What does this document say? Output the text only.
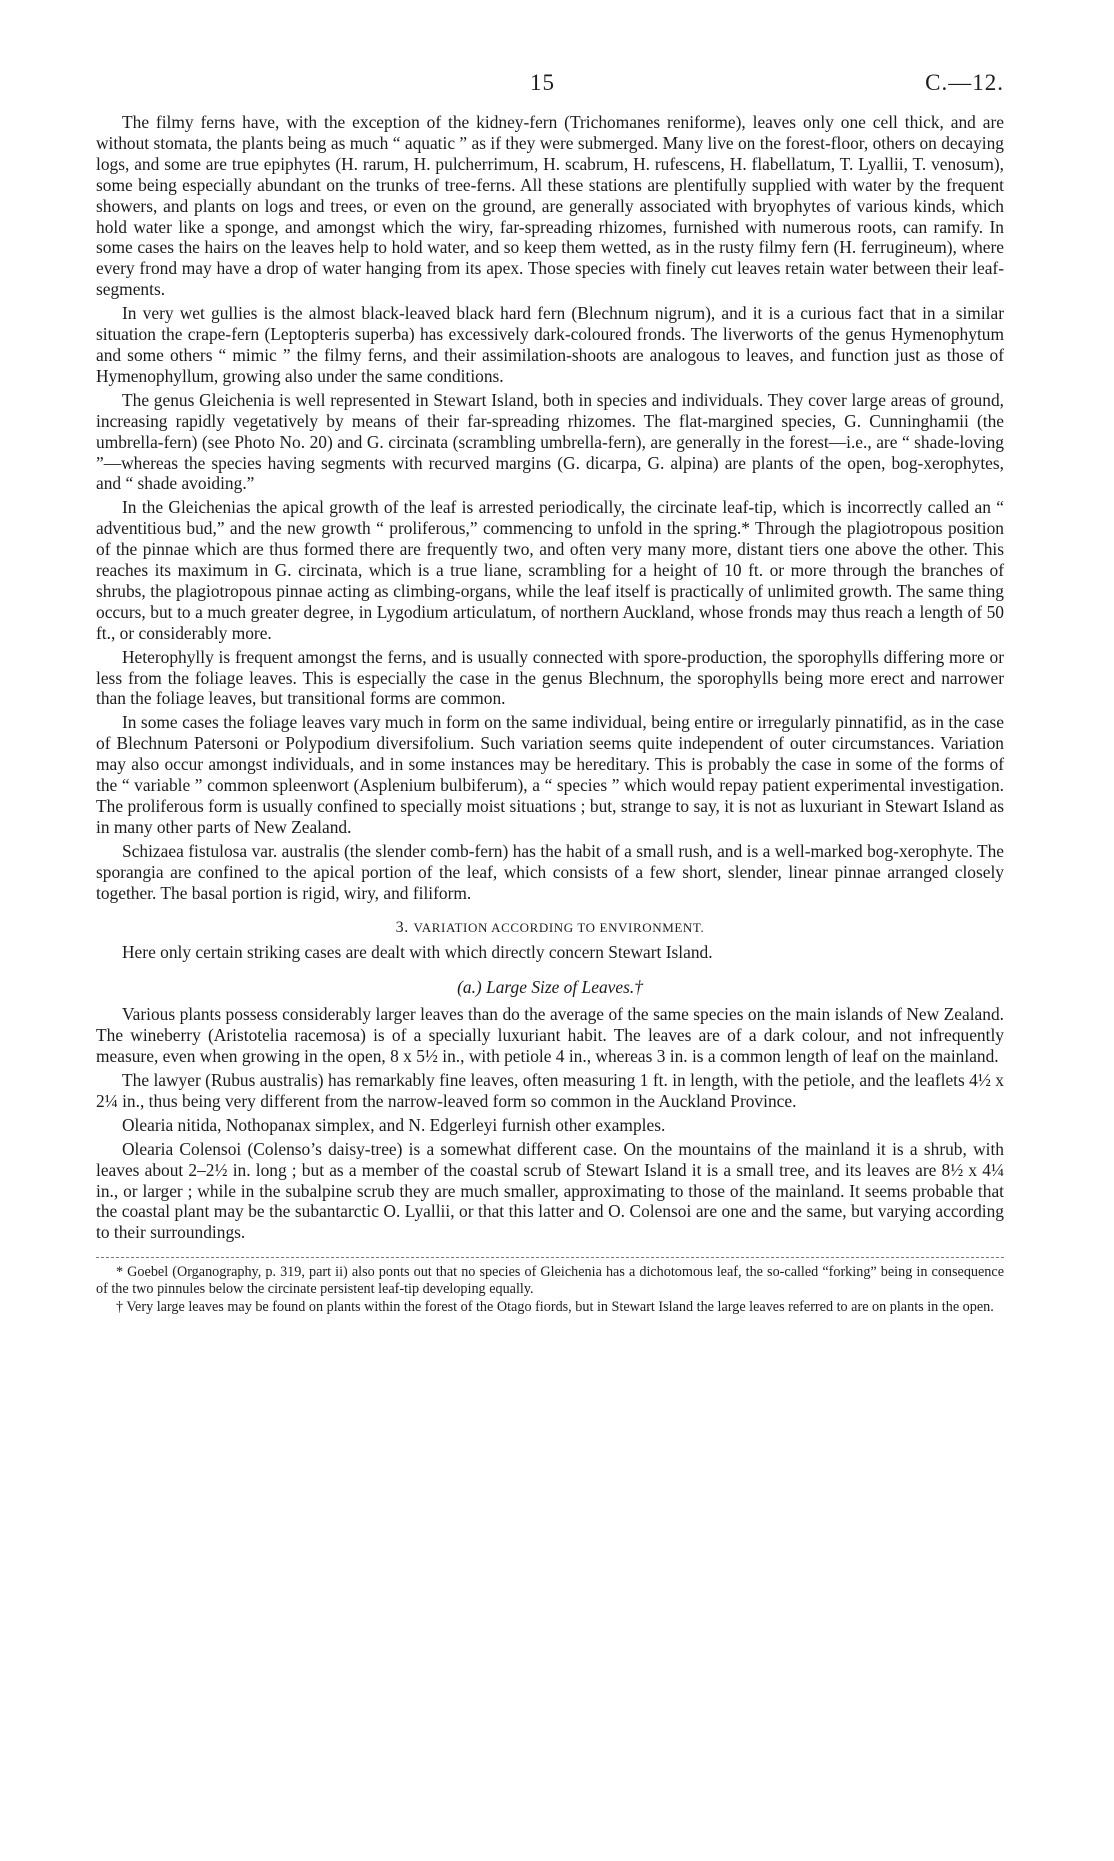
15	C.—12.

The filmy ferns have, with the exception of the kidney-fern (Trichomanes reniforme), leaves only one cell thick, and are without stomata, the plants being as much “ aquatic ” as if they were submerged. Many live on the forest-floor, others on decaying logs, and some are true epiphytes (H. rarum, H. pulcherrimum, H. scabrum, H. rufescens, H. flabellatum, T. Lyallii, T. venosum), some being especially abundant on the trunks of tree-ferns. All these stations are plentifully supplied with water by the frequent showers, and plants on logs and trees, or even on the ground, are generally associated with bryophytes of various kinds, which hold water like a sponge, and amongst which the wiry, far-spreading rhizomes, furnished with numerous roots, can ramify. In some cases the hairs on the leaves help to hold water, and so keep them wetted, as in the rusty filmy fern (H. ferrugineum), where every frond may have a drop of water hanging from its apex. Those species with finely cut leaves retain water between their leaf-segments.

In very wet gullies is the almost black-leaved black hard fern (Blechnum nigrum), and it is a curious fact that in a similar situation the crape-fern (Leptopteris superba) has excessively dark-coloured fronds. The liverworts of the genus Hymenophytum and some others “ mimic ” the filmy ferns, and their assimilation-shoots are analogous to leaves, and function just as those of Hymenophyllum, growing also under the same conditions.

The genus Gleichenia is well represented in Stewart Island, both in species and individuals. They cover large areas of ground, increasing rapidly vegetatively by means of their far-spreading rhizomes. The flat-margined species, G. Cunninghamii (the umbrella-fern) (see Photo No. 20) and G. circinata (scrambling umbrella-fern), are generally in the forest—i.e., are “ shade-loving ”—whereas the species having segments with recurved margins (G. dicarpa, G. alpina) are plants of the open, bog-xerophytes, and “ shade avoiding.”

In the Gleichenias the apical growth of the leaf is arrested periodically, the circinate leaf-tip, which is incorrectly called an “ adventitious bud,” and the new growth “ proliferous,” commencing to unfold in the spring.* Through the plagiotropous position of the pinnae which are thus formed there are frequently two, and often very many more, distant tiers one above the other. This reaches its maximum in G. circinata, which is a true liane, scrambling for a height of 10 ft. or more through the branches of shrubs, the plagiotropous pinnae acting as climbing-organs, while the leaf itself is practically of unlimited growth. The same thing occurs, but to a much greater degree, in Lygodium articulatum, of northern Auckland, whose fronds may thus reach a length of 50 ft., or considerably more.

Heterophylly is frequent amongst the ferns, and is usually connected with spore-production, the sporophylls differing more or less from the foliage leaves. This is especially the case in the genus Blechnum, the sporophylls being more erect and narrower than the foliage leaves, but transitional forms are common.

In some cases the foliage leaves vary much in form on the same individual, being entire or irregularly pinnatifid, as in the case of Blechnum Patersoni or Polypodium diversifolium. Such variation seems quite independent of outer circumstances. Variation may also occur amongst individuals, and in some instances may be hereditary. This is probably the case in some of the forms of the “ variable ” common spleenwort (Asplenium bulbiferum), a “ species ” which would repay patient experimental investigation. The proliferous form is usually confined to specially moist situations ; but, strange to say, it is not as luxuriant in Stewart Island as in many other parts of New Zealand.

Schizaea fistulosa var. australis (the slender comb-fern) has the habit of a small rush, and is a well-marked bog-xerophyte. The sporangia are confined to the apical portion of the leaf, which consists of a few short, slender, linear pinnae arranged closely together. The basal portion is rigid, wiry, and filiform.

3. VARIATION ACCORDING TO ENVIRONMENT.

Here only certain striking cases are dealt with which directly concern Stewart Island.

(a.) Large Size of Leaves.†

Various plants possess considerably larger leaves than do the average of the same species on the main islands of New Zealand. The wineberry (Aristotelia racemosa) is of a specially luxuriant habit. The leaves are of a dark colour, and not infrequently measure, even when growing in the open, 8 x 5½ in., with petiole 4 in., whereas 3 in. is a common length of leaf on the mainland.

The lawyer (Rubus australis) has remarkably fine leaves, often measuring 1 ft. in length, with the petiole, and the leaflets 4½ x 2¼ in., thus being very different from the narrow-leaved form so common in the Auckland Province.

Olearia nitida, Nothopanax simplex, and N. Edgerleyi furnish other examples.

Olearia Colensoi (Colenso’s daisy-tree) is a somewhat different case. On the mountains of the mainland it is a shrub, with leaves about 2–2½ in. long ; but as a member of the coastal scrub of Stewart Island it is a small tree, and its leaves are 8½ x 4¼ in., or larger ; while in the subalpine scrub they are much smaller, approximating to those of the mainland. It seems probable that the coastal plant may be the subantarctic O. Lyallii, or that this latter and O. Colensoi are one and the same, but varying according to their surroundings.

* Goebel (Organography, p. 319, part ii) also ponts out that no species of Gleichenia has a dichotomous leaf, the so-called “forking” being in consequence of the two pinnules below the circinate persistent leaf-tip developing equally.

† Very large leaves may be found on plants within the forest of the Otago fiords, but in Stewart Island the large leaves referred to are on plants in the open.
